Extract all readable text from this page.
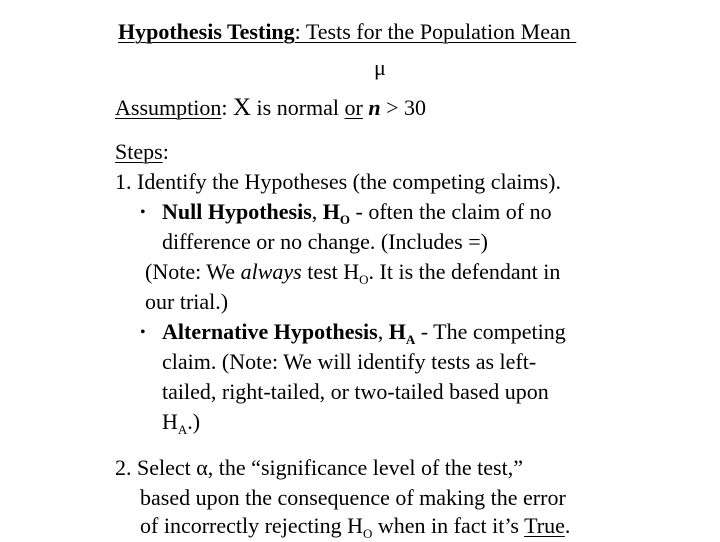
Hypothesis Testing: Tests for the Population Mean
μ
Assumption: X is normal or n > 30
Steps:
1. Identify the Hypotheses (the competing claims).
• Null Hypothesis, $H_O$ - often the claim of no
difference or no change. (Includes =)
(Note: We always test $H_O$. It is the defendant in
our trial.)
• Alternative Hypothesis, $H_A$ - The competing
claim. (Note: We will identify tests as left-
tailed, right-tailed, or two-tailed based upon
$H_A$.)
2. Select α, the “significance level of the test,”
based upon the consequence of making the error
of incorrectly rejecting $H_O$ when in fact it’s True.
